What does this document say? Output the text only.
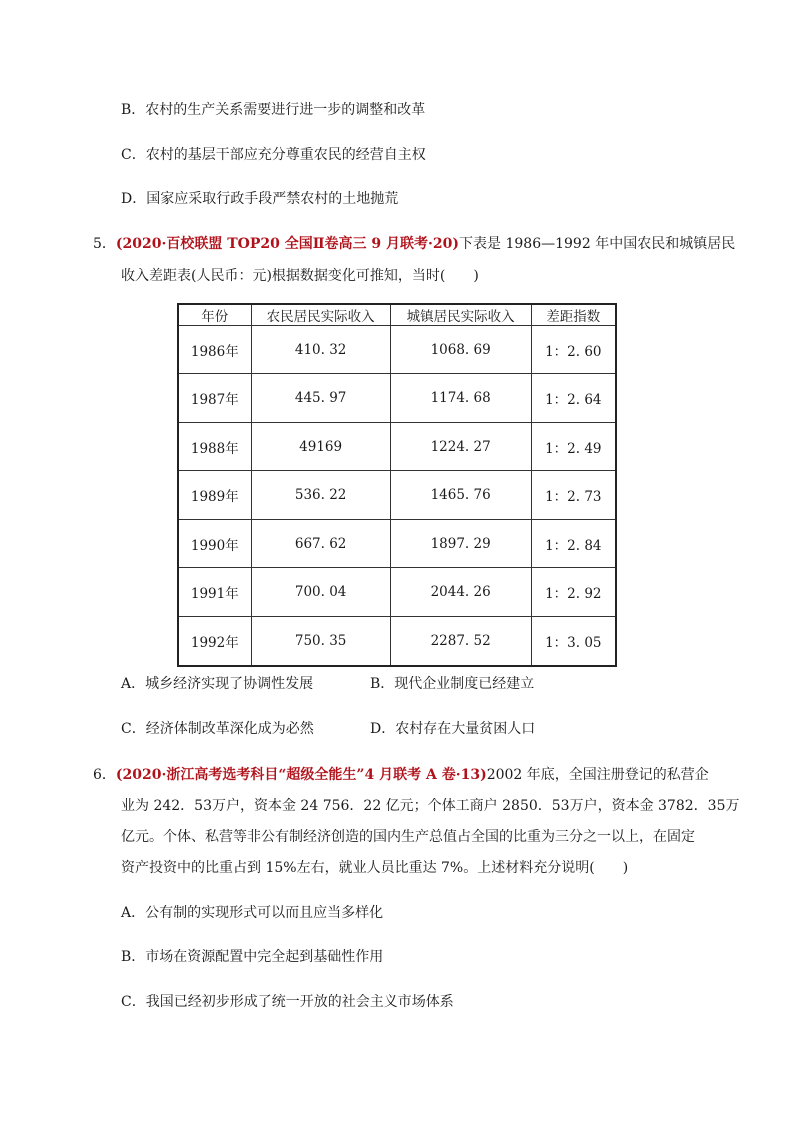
B．农村的生产关系需要进行进一步的调整和改革
C．农村的基层干部应充分尊重农民的经营自主权
D．国家应采取行政手段严禁农村的土地抛荒
5．(2020·百校联盟 TOP20 全国Ⅱ卷高三 9 月联考·20)下表是 1986—1992 年中国农民和城镇居民
收入差距表(人民币：元)根据数据变化可推知，当时(　　)
年份	农民居民实际收入	城镇居民实际收入	差距指数
1986年	410. 32	1068. 69	1：2. 60
1987年	445. 97	1174. 68	1：2. 64
1988年	49169	1224. 27	1：2. 49
1989年	536. 22	1465. 76	1：2. 73
1990年	667. 62	1897. 29	1：2. 84
1991年	700. 04	2044. 26	1：2. 92
1992年	750. 35	2287. 52	1：3. 05
A．城乡经济实现了协调性发展	B．现代企业制度已经建立
C．经济体制改革深化成为必然	D．农村存在大量贫困人口
6．(2020·浙江高考选考科目“超级全能生”4 月联考 A 卷·13)2002 年底，全国注册登记的私营企
业为 242．53万户，资本金 24 756．22 亿元；个体工商户 2850．53万户，资本金 3782．35万
亿元。个体、私营等非公有制经济创造的国内生产总值占全国的比重为三分之一以上，在固定
资产投资中的比重占到 15%左右，就业人员比重达 7%。上述材料充分说明(　　)
A．公有制的实现形式可以而且应当多样化
B．市场在资源配置中完全起到基础性作用
C．我国已经初步形成了统一开放的社会主义市场体系
